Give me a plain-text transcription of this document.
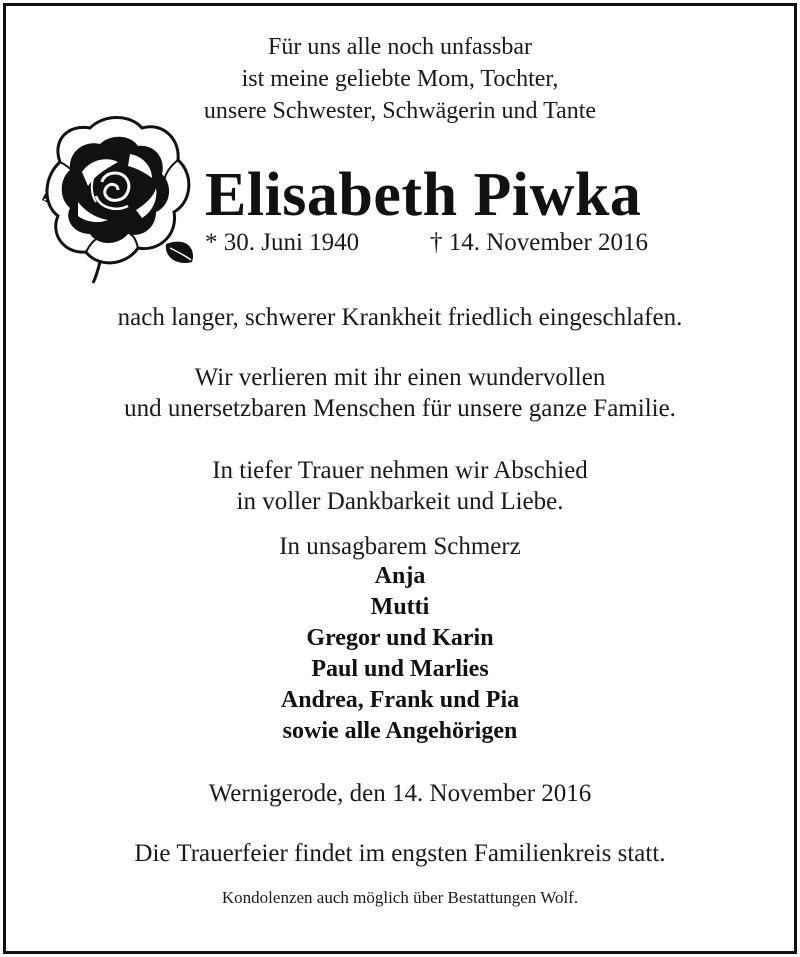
Für uns alle noch unfassbar
ist meine geliebte Mom, Tochter,
unsere Schwester, Schwägerin und Tante
Elisabeth Piwka
* 30. Juni 1940	† 14. November 2016
nach langer, schwerer Krankheit friedlich eingeschlafen.
Wir verlieren mit ihr einen wundervollen
und unersetzbaren Menschen für unsere ganze Familie.
In tiefer Trauer nehmen wir Abschied
in voller Dankbarkeit und Liebe.
In unsagbarem Schmerz
Anja
Mutti
Gregor und Karin
Paul und Marlies
Andrea, Frank und Pia
sowie alle Angehörigen
Wernigerode, den 14. November 2016
Die Trauerfeier findet im engsten Familienkreis statt.
Kondolenzen auch möglich über Bestattungen Wolf.
